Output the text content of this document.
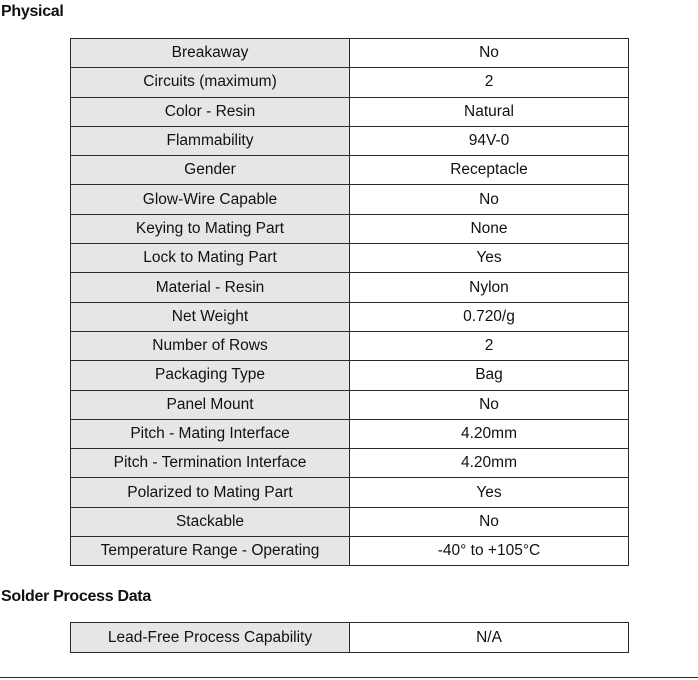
Physical
Breakaway	No
Circuits (maximum)	2
Color - Resin	Natural
Flammability	94V-0
Gender	Receptacle
Glow-Wire Capable	No
Keying to Mating Part	None
Lock to Mating Part	Yes
Material - Resin	Nylon
Net Weight	0.720/g
Number of Rows	2
Packaging Type	Bag
Panel Mount	No
Pitch - Mating Interface	4.20mm
Pitch - Termination Interface	4.20mm
Polarized to Mating Part	Yes
Stackable	No
Temperature Range - Operating	-40° to +105°C
Solder Process Data
Lead-Free Process Capability	N/A
